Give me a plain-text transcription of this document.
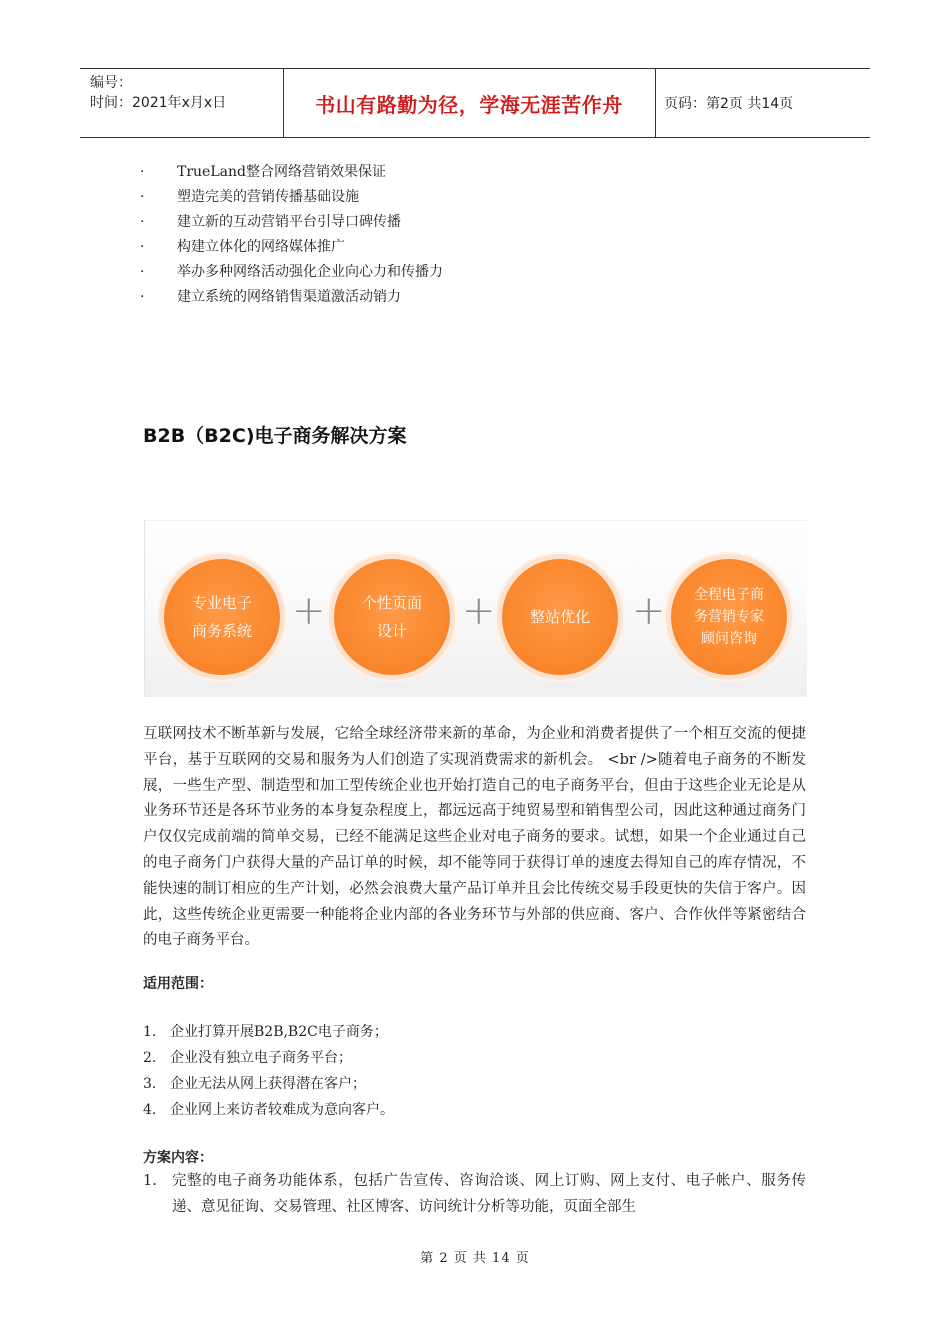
编号：
时间：2021年x月x日	书山有路勤为径，学海无涯苦作舟	页码：第2页 共14页
· TrueLand整合网络营销效果保证
· 塑造完美的营销传播基础设施
· 建立新的互动营销平台引导口碑传播
· 构建立体化的网络媒体推广
· 举办多种网络活动强化企业向心力和传播力
· 建立系统的网络销售渠道激活动销力
B2B（B2C)电子商务解决方案
专业电子
商务系统	+	个性页面
设计	+	整站优化	+	全程电子商
务营销专家
顾问咨询
互联网技术不断革新与发展，它给全球经济带来新的革命，为企业和消费者提供了一个相互交流的便捷平台，基于互联网的交易和服务为人们创造了实现消费需求的新机会。 <br />随着电子商务的不断发展，一些生产型、制造型和加工型传统企业也开始打造自己的电子商务平台，但由于这些企业无论是从业务环节还是各环节业务的本身复杂程度上，都远远高于纯贸易型和销售型公司，因此这种通过商务门户仅仅完成前端的简单交易，已经不能满足这些企业对电子商务的要求。试想，如果一个企业通过自己的电子商务门户获得大量的产品订单的时候，却不能等同于获得订单的速度去得知自己的库存情况，不能快速的制订相应的生产计划，必然会浪费大量产品订单并且会比传统交易手段更快的失信于客户。因此，这些传统企业更需要一种能将企业内部的各业务环节与外部的供应商、客户、合作伙伴等紧密结合的电子商务平台。
适用范围：
1. 企业打算开展B2B,B2C电子商务；
2. 企业没有独立电子商务平台；
3. 企业无法从网上获得潜在客户；
4. 企业网上来访者较难成为意向客户。
方案内容：
1. 完整的电子商务功能体系，包括广告宣传、咨询洽谈、网上订购、网上支付、电子帐户、服务传递、意见征询、交易管理、社区博客、访问统计分析等功能，页面全部生
第 2 页 共 14 页
